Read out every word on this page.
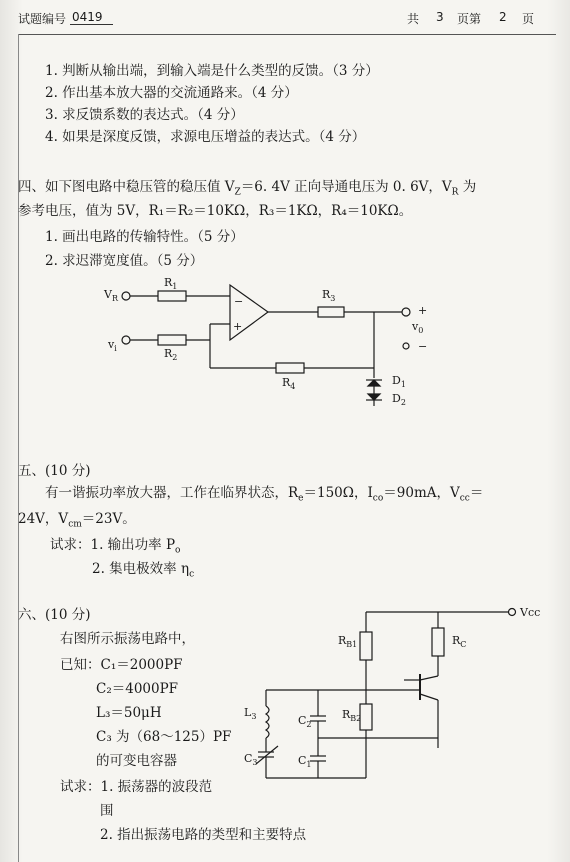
试题编号 0419	共 3 页第 2 页
1. 判断从输出端，到输入端是什么类型的反馈。（3 分）
2. 作出基本放大器的交流通路来。（4 分）
3. 求反馈系数的表达式。（4 分）
4. 如果是深度反馈，求源电压增益的表达式。（4 分）
四、如下图电路中稳压管的稳压值 $V_Z=6$. 4V 正向导通电压为 0. 6V，$V_R$ 为
参考电压，值为 5V，R₁＝R₂＝10KΩ，R₃＝1KΩ，R₄＝10KΩ。
1. 画出电路的传输特性。（5 分）
2. 求迟滞宽度值。（5 分）
五、(10 分)
有一谐振功率放大器，工作在临界状态，$R_e=150\Omega$，$I_{co}=90mA$，$V_{cc}=$
24V，$V_{cm}=23V$。
试求：1. 输出功率 $P_o$
2. 集电极效率 $\eta_c$
六、(10 分)
右图所示振荡电路中，
已知：C₁＝2000PF
C₂＝4000PF
L₃＝50μH
C₃ 为（68～125）PF
的可变电容器
试求：1. 振荡器的波段范
围
2. 指出振荡电路的类型和主要特点
$V_R$
$v_i$
$R_1$
$R_2$
$R_3$
$R_4$
−
+
+
$v_0$
−
$D_1$
$D_2$
Vcc
$R_{B1}$	$R_C$
$R_{B2}$
$L_3$	$C_2$
$C_1$
$C_3$
